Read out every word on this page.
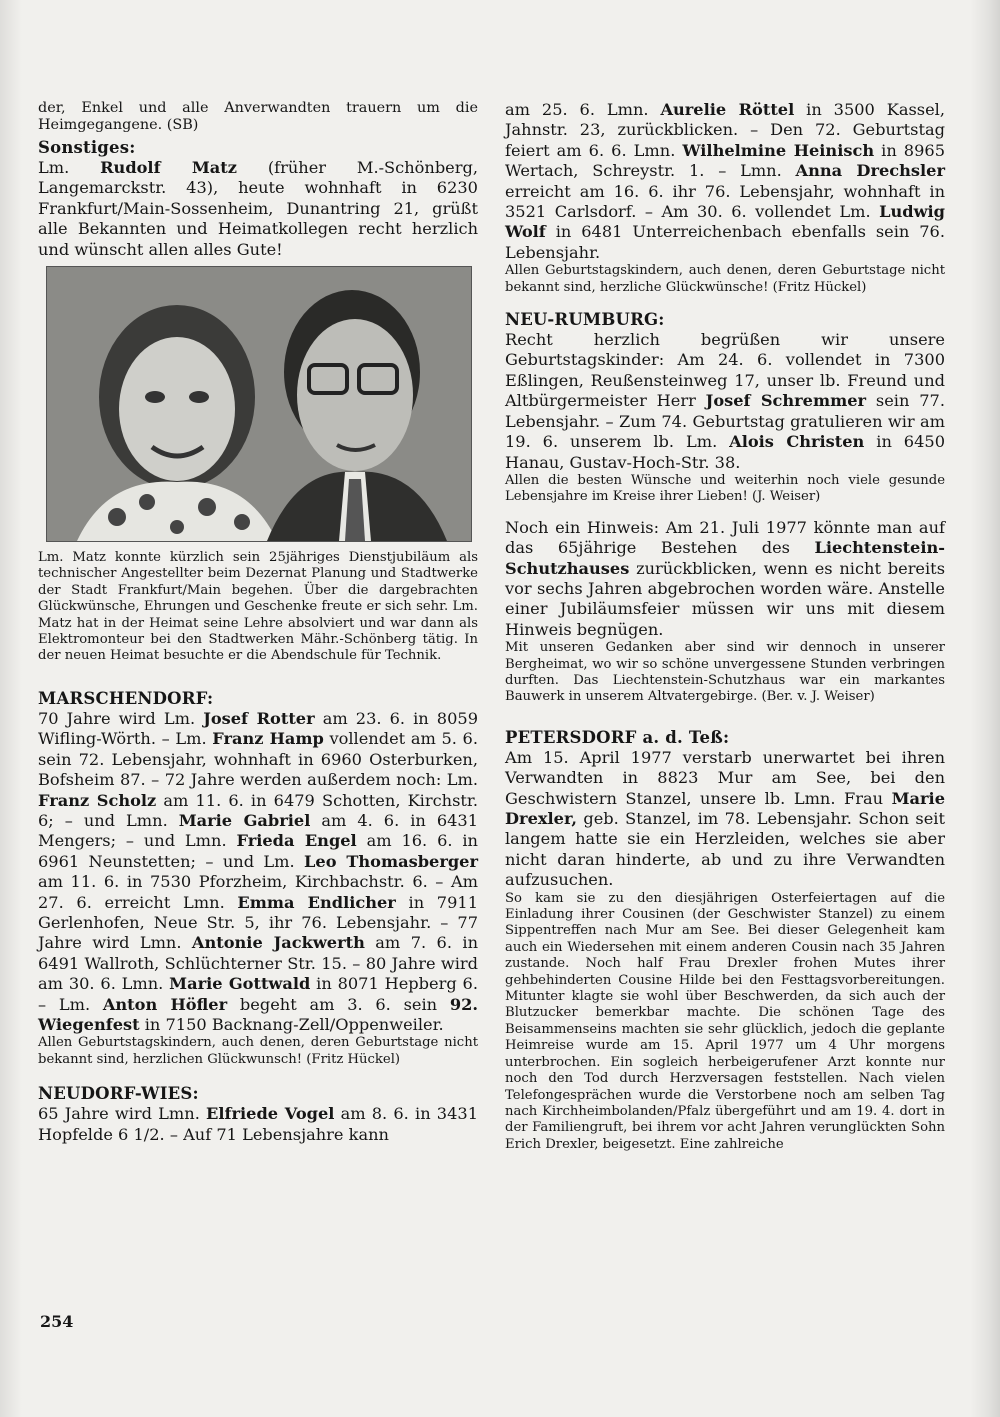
der, Enkel und alle Anverwandten trauern um die Heimgegangene. (SB)

Sonstiges:

Lm. Rudolf Matz (früher M.-Schönberg, Langemarckstr. 43), heute wohnhaft in 6230 Frankfurt/Main-Sossenheim, Dunantring 21, grüßt alle Bekannten und Heimatkollegen recht herzlich und wünscht allen alles Gute!

Lm. Matz konnte kürzlich sein 25jähriges Dienstjubiläum als technischer Angestellter beim Dezernat Planung und Stadtwerke der Stadt Frankfurt/Main begehen. Über die dargebrachten Glückwünsche, Ehrungen und Geschenke freute er sich sehr. Lm. Matz hat in der Heimat seine Lehre absolviert und war dann als Elektromonteur bei den Stadtwerken Mähr.-Schönberg tätig. In der neuen Heimat besuchte er die Abendschule für Technik.

MARSCHENDORF:

70 Jahre wird Lm. Josef Rotter am 23. 6. in 8059 Wifling-Wörth. – Lm. Franz Hamp vollendet am 5. 6. sein 72. Lebensjahr, wohnhaft in 6960 Osterburken, Bofsheim 87. – 72 Jahre werden außerdem noch: Lm. Franz Scholz am 11. 6. in 6479 Schotten, Kirchstr. 6; – und Lmn. Marie Gabriel am 4. 6. in 6431 Mengers; – und Lmn. Frieda Engel am 16. 6. in 6961 Neunstetten; – und Lm. Leo Thomasberger am 11. 6. in 7530 Pforzheim, Kirchbachstr. 6. – Am 27. 6. erreicht Lmn. Emma Endlicher in 7911 Gerlenhofen, Neue Str. 5, ihr 76. Lebensjahr. – 77 Jahre wird Lmn. Antonie Jackwerth am 7. 6. in 6491 Wallroth, Schlüchterner Str. 15. – 80 Jahre wird am 30. 6. Lmn. Marie Gottwald in 8071 Hepberg 6. – Lm. Anton Höfler begeht am 3. 6. sein 92. Wiegenfest in 7150 Backnang-Zell/Oppenweiler.

Allen Geburtstagskindern, auch denen, deren Geburtstage nicht bekannt sind, herzlichen Glückwunsch! (Fritz Hückel)

NEUDORF-WIES:

65 Jahre wird Lmn. Elfriede Vogel am 8. 6. in 3431 Hopfelde 6 1/2. – Auf 71 Lebensjahre kann

am 25. 6. Lmn. Aurelie Röttel in 3500 Kassel, Jahnstr. 23, zurückblicken. – Den 72. Geburtstag feiert am 6. 6. Lmn. Wilhelmine Heinisch in 8965 Wertach, Schreystr. 1. – Lmn. Anna Drechsler erreicht am 16. 6. ihr 76. Lebensjahr, wohnhaft in 3521 Carlsdorf. – Am 30. 6. vollendet Lm. Ludwig Wolf in 6481 Unterreichenbach ebenfalls sein 76. Lebensjahr.

Allen Geburtstagskindern, auch denen, deren Geburtstage nicht bekannt sind, herzliche Glückwünsche! (Fritz Hückel)

NEU-RUMBURG:

Recht herzlich begrüßen wir unsere Geburtstagskinder: Am 24. 6. vollendet in 7300 Eßlingen, Reußensteinweg 17, unser lb. Freund und Altbürgermeister Herr Josef Schremmer sein 77. Lebensjahr. – Zum 74. Geburtstag gratulieren wir am 19. 6. unserem lb. Lm. Alois Christen in 6450 Hanau, Gustav-Hoch-Str. 38.

Allen die besten Wünsche und weiterhin noch viele gesunde Lebensjahre im Kreise ihrer Lieben! (J. Weiser)

Noch ein Hinweis: Am 21. Juli 1977 könnte man auf das 65jährige Bestehen des Liechtenstein-Schutzhauses zurückblicken, wenn es nicht bereits vor sechs Jahren abgebrochen worden wäre. Anstelle einer Jubiläumsfeier müssen wir uns mit diesem Hinweis begnügen.

Mit unseren Gedanken aber sind wir dennoch in unserer Bergheimat, wo wir so schöne unvergessene Stunden verbringen durften. Das Liechtenstein-Schutzhaus war ein markantes Bauwerk in unserem Altvatergebirge. (Ber. v. J. Weiser)

PETERSDORF a. d. Teß:

Am 15. April 1977 verstarb unerwartet bei ihren Verwandten in 8823 Mur am See, bei den Geschwistern Stanzel, unsere lb. Lmn. Frau Marie Drexler, geb. Stanzel, im 78. Lebensjahr. Schon seit langem hatte sie ein Herzleiden, welches sie aber nicht daran hinderte, ab und zu ihre Verwandten aufzusuchen.

So kam sie zu den diesjährigen Osterfeiertagen auf die Einladung ihrer Cousinen (der Geschwister Stanzel) zu einem Sippentreffen nach Mur am See. Bei dieser Gelegenheit kam auch ein Wiedersehen mit einem anderen Cousin nach 35 Jahren zustande. Noch half Frau Drexler frohen Mutes ihrer gehbehinderten Cousine Hilde bei den Festtagsvorbereitungen. Mitunter klagte sie wohl über Beschwerden, da sich auch der Blutzucker bemerkbar machte. Die schönen Tage des Beisammenseins machten sie sehr glücklich, jedoch die geplante Heimreise wurde am 15. April 1977 um 4 Uhr morgens unterbrochen. Ein sogleich herbeigerufener Arzt konnte nur noch den Tod durch Herzversagen feststellen. Nach vielen Telefongesprächen wurde die Verstorbene noch am selben Tag nach Kirchheimbolanden/Pfalz übergeführt und am 19. 4. dort in der Familiengruft, bei ihrem vor acht Jahren verunglückten Sohn Erich Drexler, beigesetzt. Eine zahlreiche

254
